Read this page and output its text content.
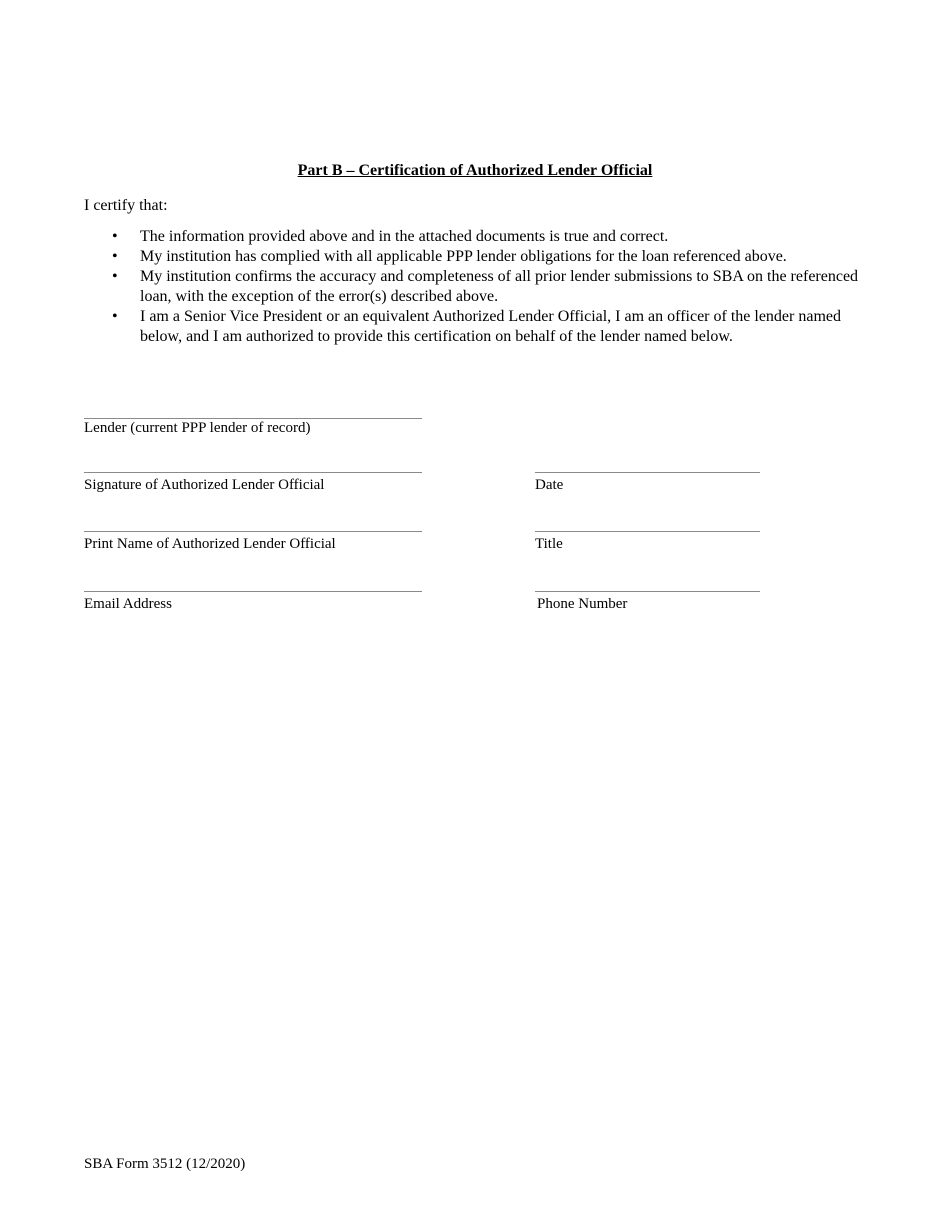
Part B – Certification of Authorized Lender Official
I certify that:
• The information provided above and in the attached documents is true and correct.
• My institution has complied with all applicable PPP lender obligations for the loan referenced above.
• My institution confirms the accuracy and completeness of all prior lender submissions to SBA on the referenced loan, with the exception of the error(s) described above.
• I am a Senior Vice President or an equivalent Authorized Lender Official, I am an officer of the lender named below, and I am authorized to provide this certification on behalf of the lender named below.
Lender (current PPP lender of record)
Signature of Authorized Lender Official	Date
Print Name of Authorized Lender Official	Title
Email Address	Phone Number
SBA Form 3512 (12/2020)
